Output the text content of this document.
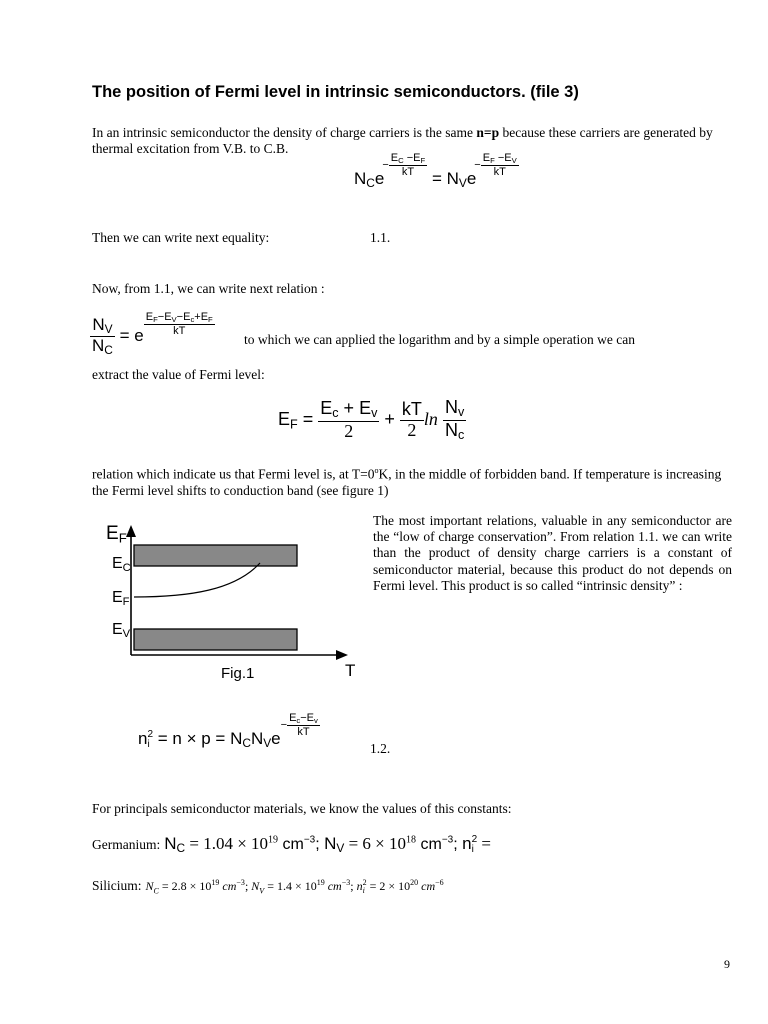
The position of Fermi level in intrinsic semiconductors. (file 3)
In an intrinsic semiconductor the density of charge carriers is the same n=p because these carriers are generated by thermal excitation from V.B. to C.B.
$N_Ce- \frac{E_C -E_F}{kT}$
= $N_Ve- \frac{E_F -E_V}{kT}$
Then we can write next equality:	1.1.
Now, from 1.1, we can write next relation :
$\frac{N_V}{N_C} = e \frac{E_F-E_V-E_c+E_F}{kT}$
to which we can applied the logarithm and by a simple operation we can
extract the value of Fermi level:
$E_F = \frac{E_c + E_v}{2} + \frac{kT}{2}$ $\ln \frac{N_v}{N_c}$
relation which indicate us that Fermi level is, at $T=0^oK$, in the middle of forbidden band. If temperature is increasing the Fermi level shifts to conduction band (see figure 1)
$E_F$
$E_C$
$E_F$
$E_V$
Fig.1	T
The most important relations, valuable in any semiconductor are the “low of charge conservation”. From relation 1.1. we can write than the product of density charge carriers is a constant of semiconductor material, because this product do not depends on Fermi level. This product is so called “intrinsic density” :
n 2
$i = n \times p = N_CN_Ve- \frac{E_c-E_v}{kT}$
1.2.
For principals semiconductor materials, we know the values of this constants:
Germanium: $N_C = 1.04 \times 10^{19}$ $cm^{-3}$; $N_V = 6 \times 10^{18}$ $cm^{-3}$; n 2
i =
Silicium: $N_C = 2.8 \times 10^{19}$ $cm^{-3}$; $N_V = 1.4 \times 10^{19}$ $cm^{-3}$; n 2
$i = 2 \times 10^{20}$ $cm^{-6}$
9
